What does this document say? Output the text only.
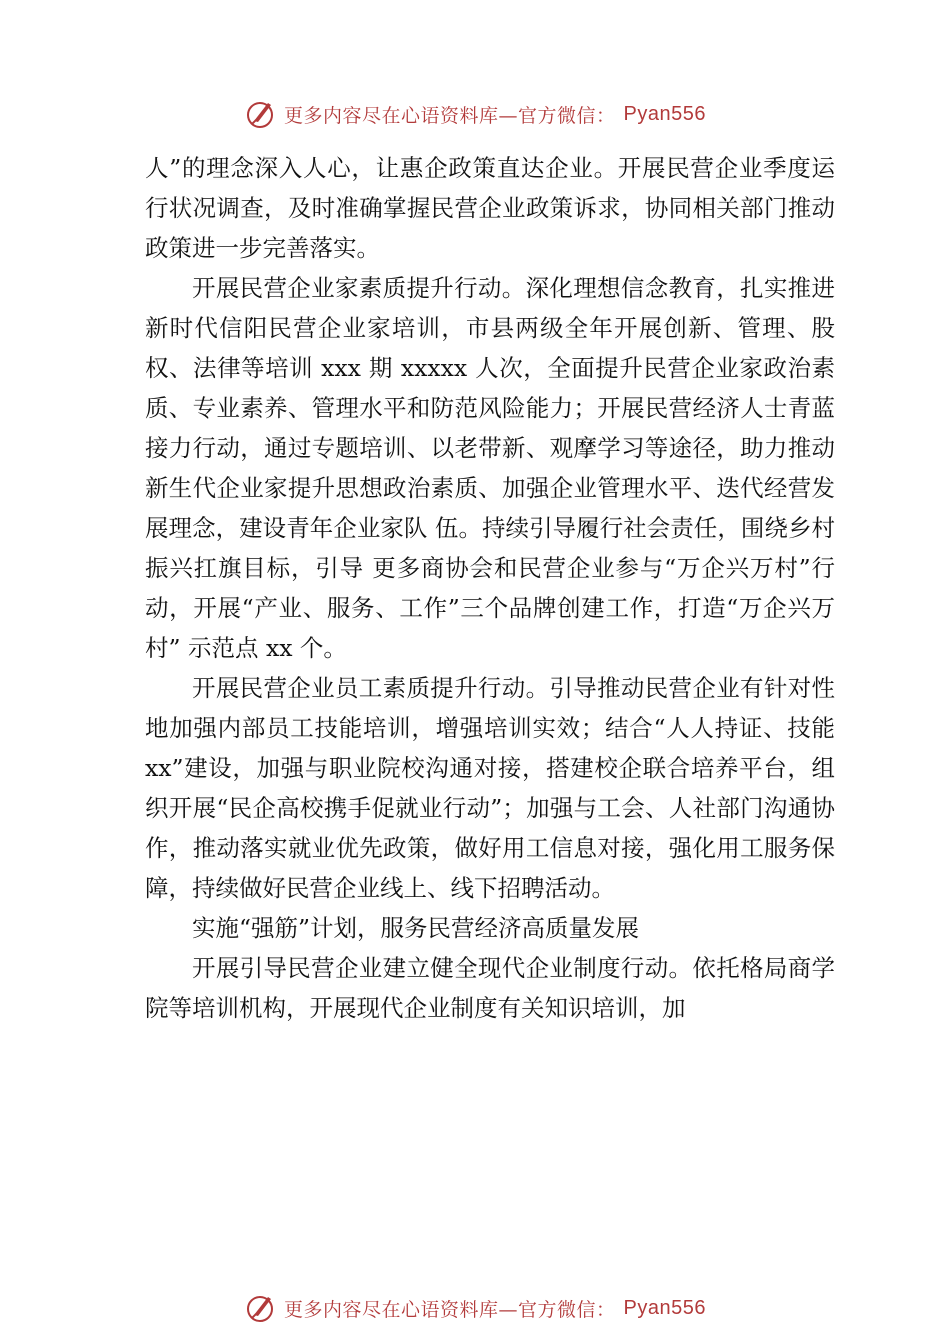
更多内容尽在心语资料库—官方微信： Pyan556

人”的理念深入人心，让惠企政策直达企业。开展民营企业季度运行状况调查，及时准确掌握民营企业政策诉求，协同相关部门推动政策进一步完善落实。

开展民营企业家素质提升行动。深化理想信念教育，扎实推进新时代信阳民营企业家培训，市县两级全年开展创新、管理、股权、法律等培训 xxx 期 xxxxx 人次，全面提升民营企业家政治素质、专业素养、管理水平和防范风险能力；开展民营经济人士青蓝接力行动，通过专题培训、以老带新、观摩学习等途径，助力推动新生代企业家提升思想政治素质、加强企业管理水平、迭代经营发展理念，建设青年企业家队 伍。持续引导履行社会责任，围绕乡村振兴扛旗目标，引导 更多商协会和民营企业参与“万企兴万村”行动，开展“产业、服务、工作”三个品牌创建工作，打造“万企兴万村” 示范点 xx 个。

开展民营企业员工素质提升行动。引导推动民营企业有针对性地加强内部员工技能培训，增强培训实效；结合“人人持证、技能 xx”建设，加强与职业院校沟通对接，搭建校企联合培养平台，组织开展“民企高校携手促就业行动”；加强与工会、人社部门沟通协作，推动落实就业优先政策，做好用工信息对接，强化用工服务保障，持续做好民营企业线上、线下招聘活动。

实施“强筋”计划，服务民营经济高质量发展

开展引导民营企业建立健全现代企业制度行动。依托格局商学院等培训机构，开展现代企业制度有关知识培训，加

更多内容尽在心语资料库—官方微信： Pyan556
